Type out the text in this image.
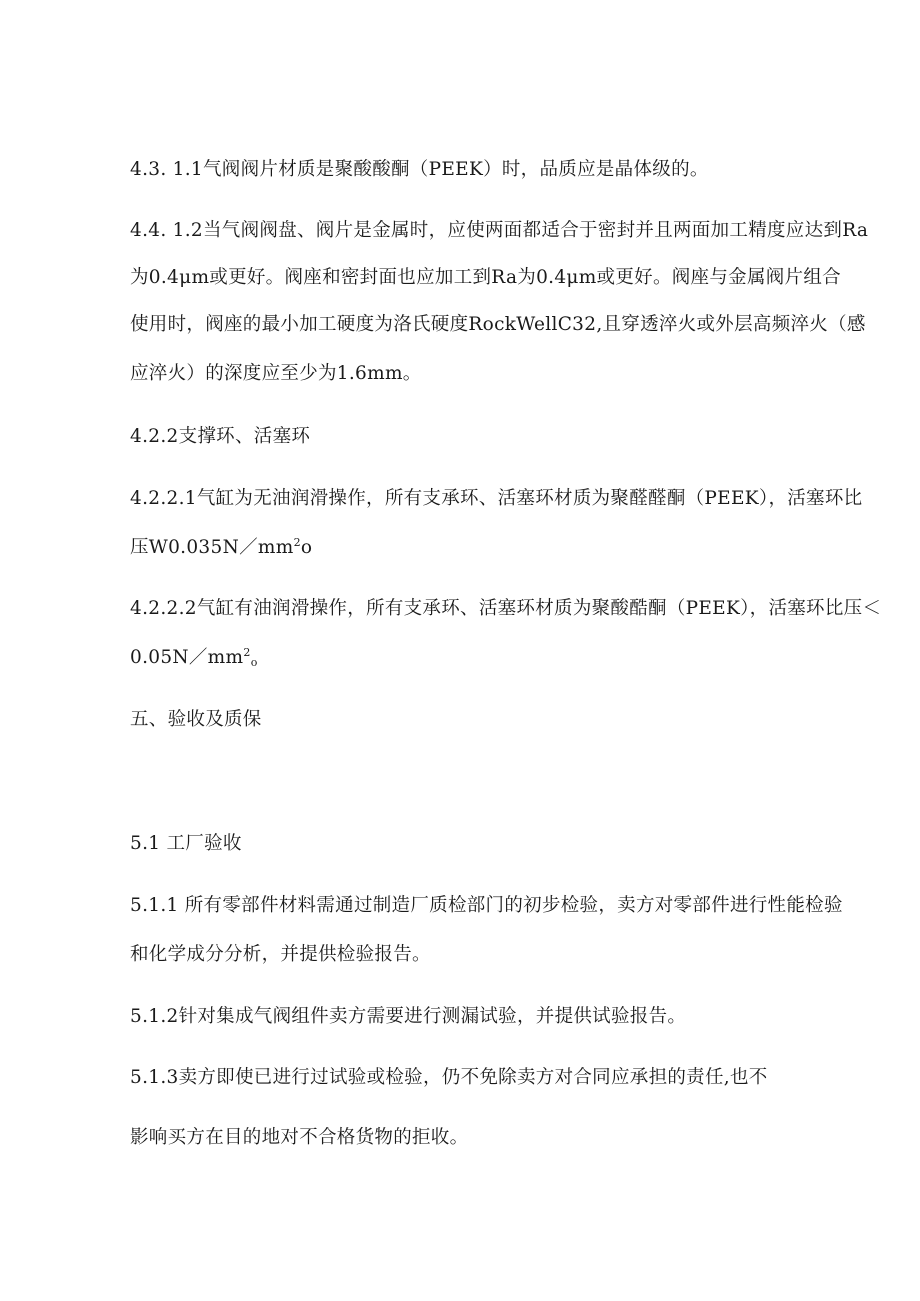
4.3. 1.1气阀阀片材质是聚酸酸酮（PEEK）时，品质应是晶体级的。
4.4. 1.2当气阀阀盘、阀片是金属时，应使两面都适合于密封并且两面加工精度应达到Ra
为0.4μm或更好。阀座和密封面也应加工到Ra为0.4μm或更好。阀座与金属阀片组合
使用时，阀座的最小加工硬度为洛氏硬度RockWellC32,且穿透淬火或外层高频淬火（感
应淬火）的深度应至少为1.6mm。
4.2.2支撑环、活塞环
4.2.2.1气缸为无油润滑操作，所有支承环、活塞环材质为聚醛醛酮（PEEK），活塞环比
压$W0.035N/mm^2o$
4.2.2.2气缸有油润滑操作，所有支承环、活塞环材质为聚酸酷酮（PEEK），活塞环比压＜
$0.05N/mm^2_o$
五、验收及质保
5.1 工厂验收
5.1.1 所有零部件材料需通过制造厂质检部门的初步检验，卖方对零部件进行性能检验
和化学成分分析，并提供检验报告。
5.1.2针对集成气阀组件卖方需要进行测漏试验，并提供试验报告。
5.1.3卖方即使已进行过试验或检验，仍不免除卖方对合同应承担的责任,也不
影响买方在目的地对不合格货物的拒收。
